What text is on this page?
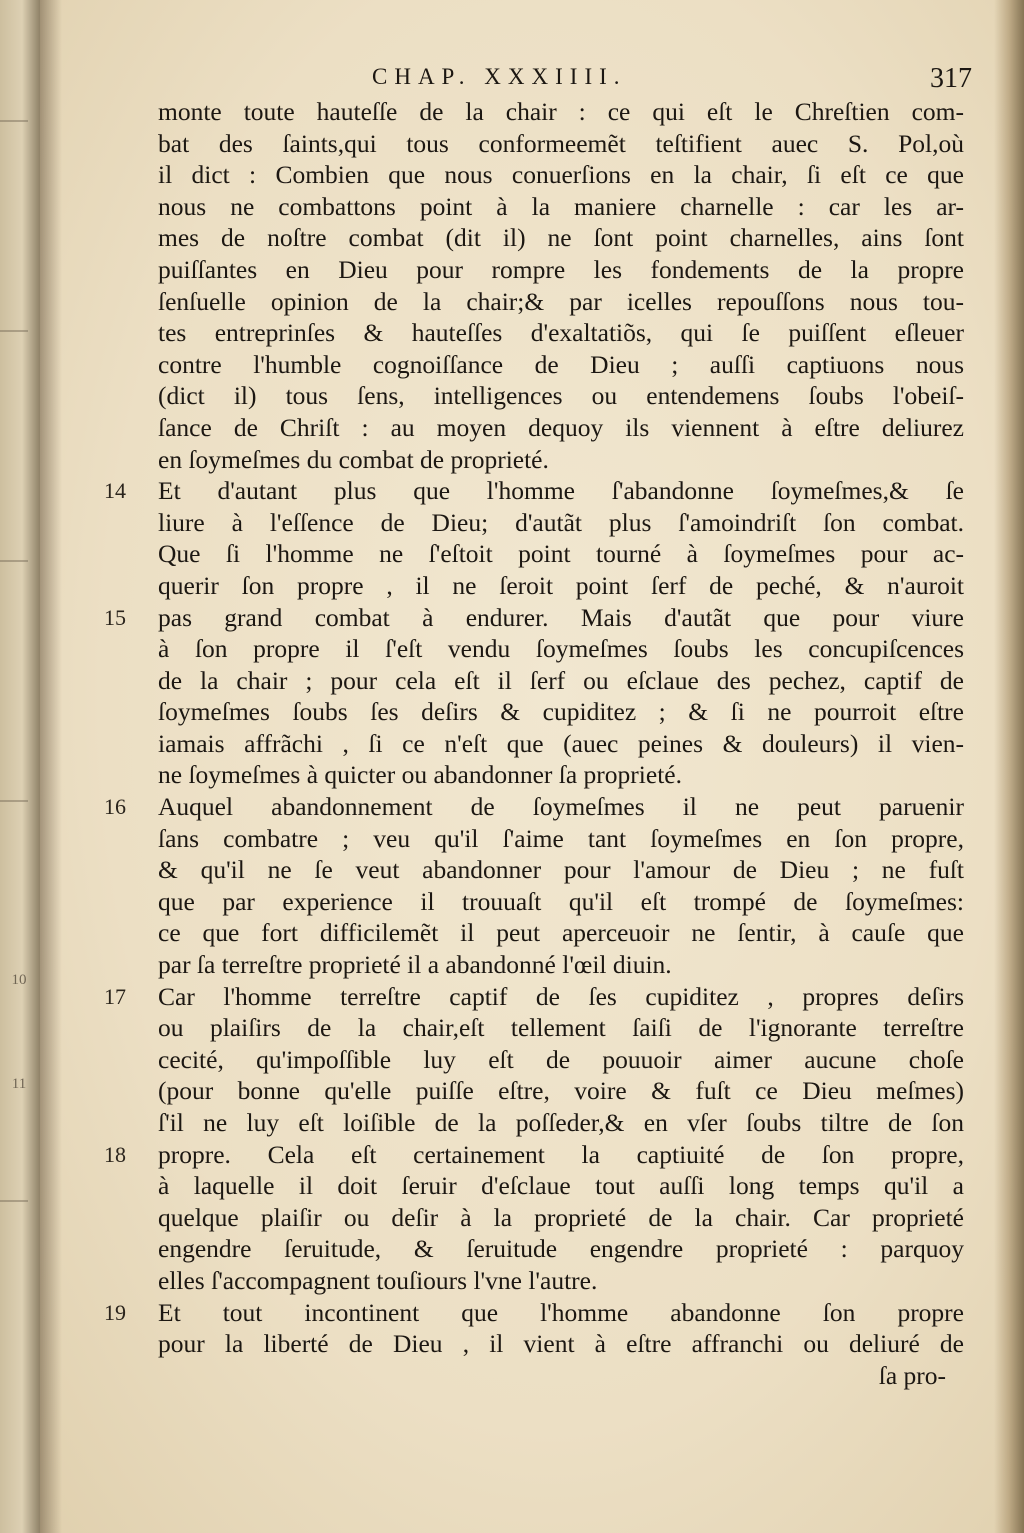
10
11
CHAP. XXXIIII.	317
monte toute hauteſſe de la chair : ce qui eſt le Chreſtien com-
bat des ſaints,qui tous conformeemẽt teſtifient auec S. Pol,où
il dict : Combien que nous conuerſions en la chair, ſi eſt ce que
nous ne combattons point à la maniere charnelle : car les ar-
mes de noſtre combat (dit il) ne ſont point charnelles, ains ſont
puiſſantes en Dieu pour rompre les fondements de la propre
ſenſuelle opinion de la chair;& par icelles repouſſons nous tou-
tes entreprinſes & hauteſſes d'exaltatiõs, qui ſe puiſſent eſleuer
contre l'humble cognoiſſance de Dieu ; auſſi captiuons nous
(dict il) tous ſens, intelligences ou entendemens ſoubs l'obeiſ-
ſance de Chriſt : au moyen dequoy ils viennent à eſtre deliurez
en ſoymeſmes du combat de proprieté.
14	Et d'autant plus que l'homme ſ'abandonne ſoymeſmes,& ſe
liure à l'eſſence de Dieu; d'autãt plus ſ'amoindriſt ſon combat.
Que ſi l'homme ne ſ'eſtoit point tourné à ſoymeſmes pour ac-
querir ſon propre , il ne ſeroit point ſerf de peché, & n'auroit
15	pas grand combat à endurer. Mais d'autãt que pour viure
à ſon propre il ſ'eſt vendu ſoymeſmes ſoubs les concupiſcences
de la chair ; pour cela eſt il ſerf ou eſclaue des pechez, captif de
ſoymeſmes ſoubs ſes deſirs & cupiditez ; & ſi ne pourroit eſtre
iamais affrãchi , ſi ce n'eſt que (auec peines & douleurs) il vien-
ne ſoymeſmes à quicter ou abandonner ſa proprieté.
16	Auquel abandonnement de ſoymeſmes il ne peut paruenir
ſans combatre ; veu qu'il ſ'aime tant ſoymeſmes en ſon propre,
& qu'il ne ſe veut abandonner pour l'amour de Dieu ; ne fuſt
que par experience il trouuaſt qu'il eſt trompé de ſoymeſmes:
ce que fort difficilemẽt il peut aperceuoir ne ſentir, à cauſe que
par ſa terreſtre proprieté il a abandonné l'œil diuin.
17	Car l'homme terreſtre captif de ſes cupiditez , propres deſirs
ou plaiſirs de la chair,eſt tellement ſaiſi de l'ignorante terreſtre
cecité, qu'impoſſible luy eſt de pouuoir aimer aucune choſe
(pour bonne qu'elle puiſſe eſtre, voire & fuſt ce Dieu meſmes)
ſ'il ne luy eſt loiſible de la poſſeder,& en vſer ſoubs tiltre de ſon
18	propre. Cela eſt certainement la captiuité de ſon propre,
à laquelle il doit ſeruir d'eſclaue tout auſſi long temps qu'il a
quelque plaiſir ou deſir à la proprieté de la chair. Car proprieté
engendre ſeruitude, & ſeruitude engendre proprieté : parquoy
elles ſ'accompagnent touſiours l'vne l'autre.
19	Et tout incontinent que l'homme abandonne ſon propre
pour la liberté de Dieu , il vient à eſtre affranchi ou deliuré de
ſa pro-
